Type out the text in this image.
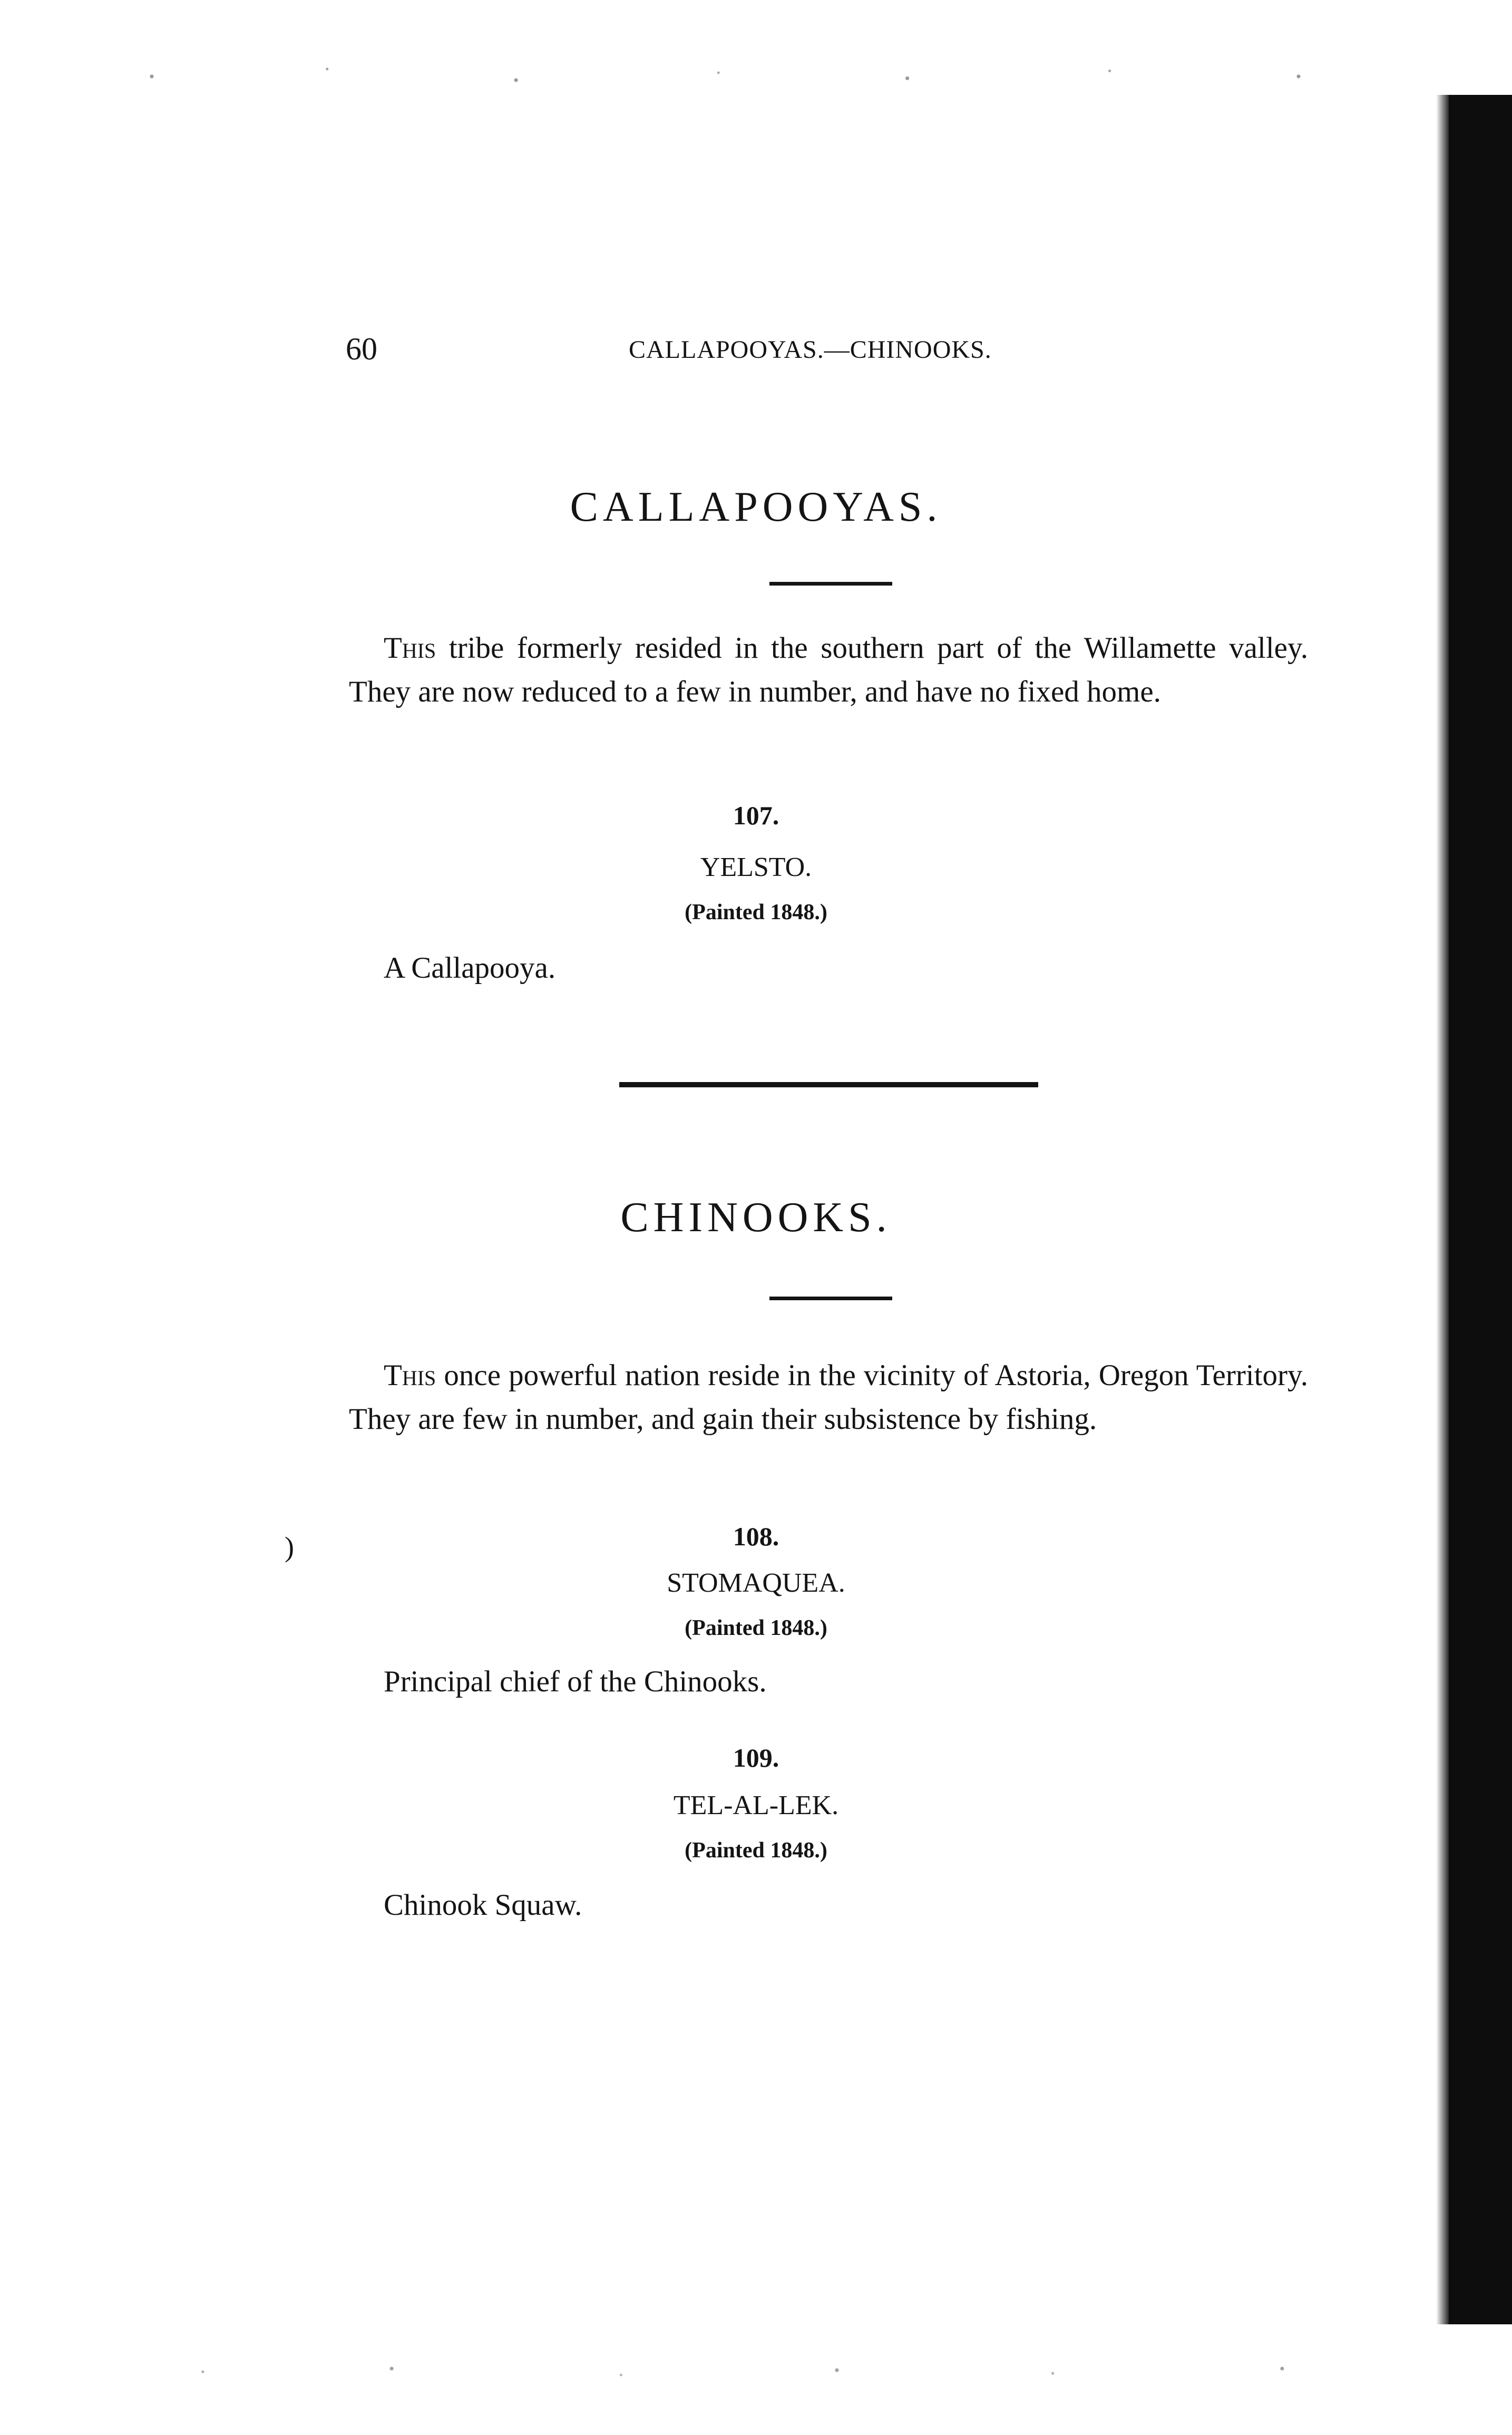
60	CALLAPOOYAS.—CHINOOKS.
CALLAPOOYAS.

This tribe formerly resided in the southern part of the Willamette valley. They are now reduced to a few in number, and have no fixed home.

107.
YELSTO.
(Painted 1848.)
A Callapooya.
CHINOOKS.

This once powerful nation reside in the vicinity of Astoria, Oregon Territory. They are few in number, and gain their subsistence by fishing.

)	108.
STOMAQUEA.
(Painted 1848.)
Principal chief of the Chinooks.
109.
TEL-AL-LEK.
(Painted 1848.)
Chinook Squaw.
